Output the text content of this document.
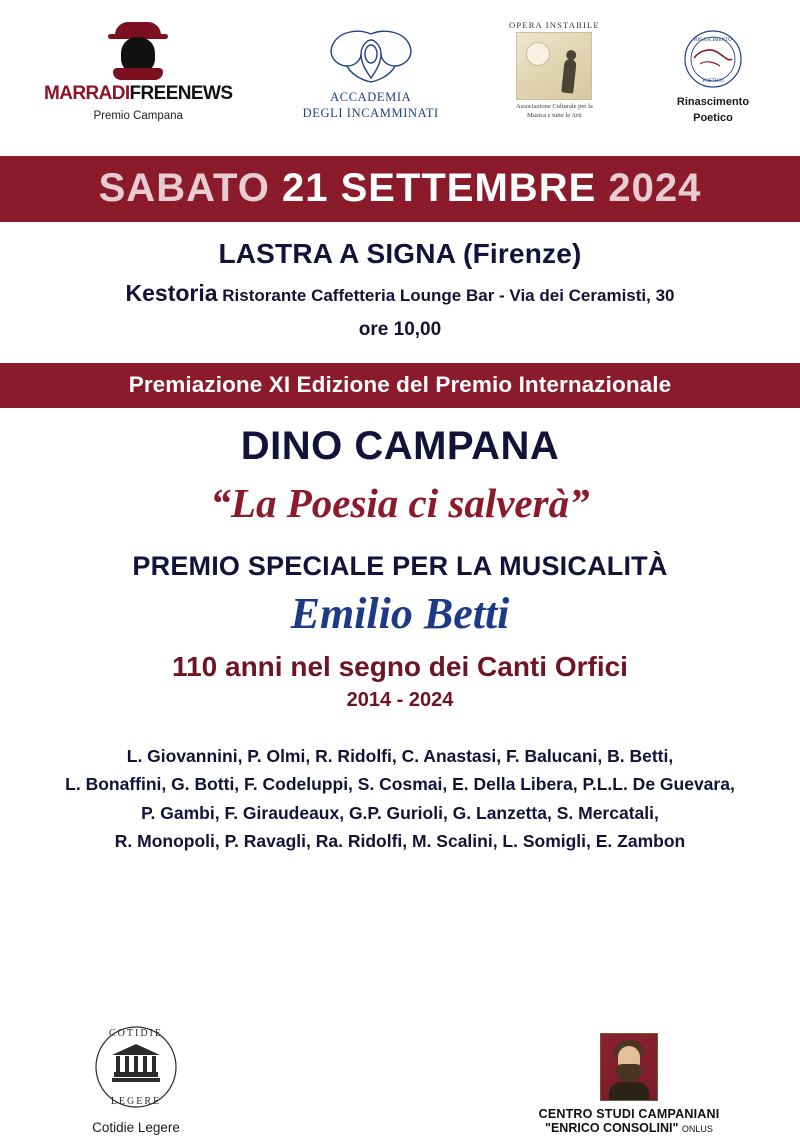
MARRADIFREENEWS
Premio Campana
ACCADEMIA
DEGLI INCAMMINATI
OPERA INSTABILE
Associazione Culturale per la Musica e tutte le Arti
RINASCIMENTO
POETICO
Rinascimento
Poetico
SABATO 21 SETTEMBRE 2024
LASTRA A SIGNA (Firenze)
Kestoria Ristorante Caffetteria Lounge Bar - Via dei Ceramisti, 30
ore 10,00
Premiazione XI Edizione del Premio Internazionale
DINO CAMPANA
“La Poesia ci salverà”
PREMIO SPECIALE PER LA MUSICALITÀ
Emilio Betti
110 anni nel segno dei Canti Orfici
2014 - 2024
L. Giovannini, P. Olmi, R. Ridolfi, C. Anastasi, F. Balucani, B. Betti,
L. Bonaffini, G. Botti, F. Codeluppi, S. Cosmai, E. Della Libera, P.L.L. De Guevara,
P. Gambi, F. Giraudeaux, G.P. Gurioli, G. Lanzetta, S. Mercatali,
R. Monopoli, P. Ravagli, Ra. Ridolfi, M. Scalini, L. Somigli, E. Zambon
COTIDIE
LEGERE
Cotidie Legere
CENTRO STUDI CAMPANIANI
"ENRICO CONSOLINI" ONLUS
